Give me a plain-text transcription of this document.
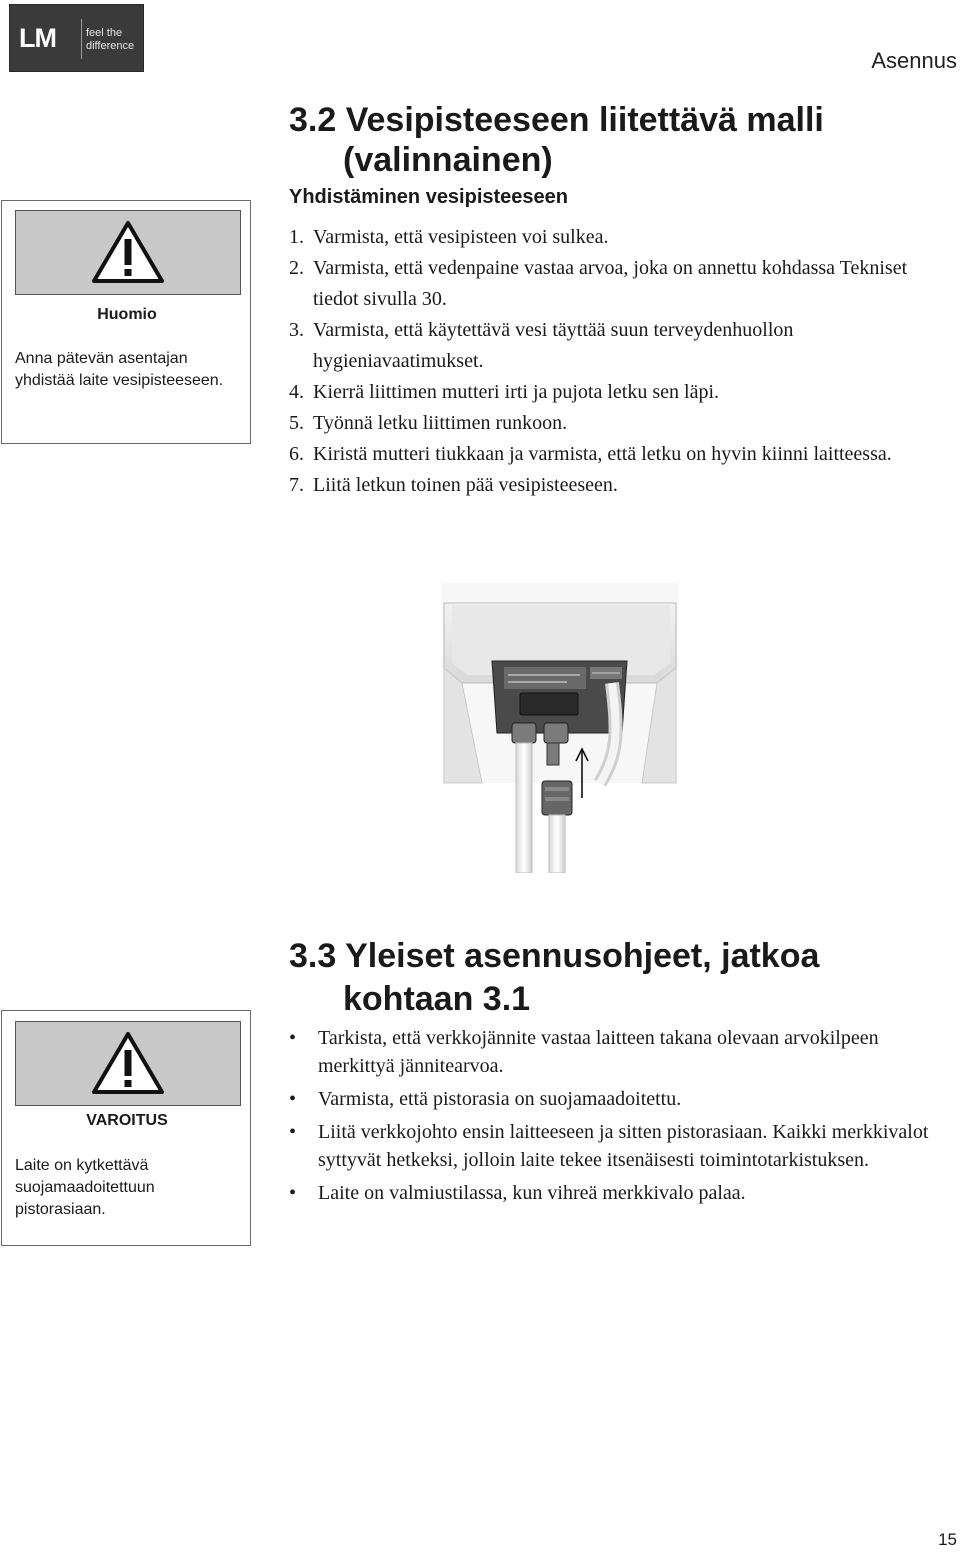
LM	feel the
difference
Asennus
Huomio
Anna pätevän asentajan yhdistää laite vesipisteeseen.
3.2 Vesipisteeseen liitettävä malli
(valinnainen)
Yhdistäminen vesipisteeseen
1. Varmista, että vesipisteen voi sulkea.
2. Varmista, että vedenpaine vastaa arvoa, joka on annettu kohdassa Tekniset tiedot sivulla 30.
3. Varmista, että käytettävä vesi täyttää suun terveydenhuollon hygieniavaatimukset.
4. Kierrä liittimen mutteri irti ja pujota letku sen läpi.
5. Työnnä letku liittimen runkoon.
6. Kiristä mutteri tiukkaan ja varmista, että letku on hyvin kiinni laitteessa.
7. Liitä letkun toinen pää vesipisteeseen.
VAROITUS
Laite on kytkettävä suojamaadoitettuun pistorasiaan.
3.3 Yleiset asennusohjeet, jatkoa
kohtaan 3.1
•	Tarkista, että verkkojännite vastaa laitteen takana olevaan arvokilpeen merkittyä jännitearvoa.
•	Varmista, että pistorasia on suojamaadoitettu.
•	Liitä verkkojohto ensin laitteeseen ja sitten pistorasiaan. Kaikki merkkivalot syttyvät hetkeksi, jolloin laite tekee itsenäisesti toimintotarkistuksen.
•	Laite on valmiustilassa, kun vihreä merkkivalo palaa.
15
